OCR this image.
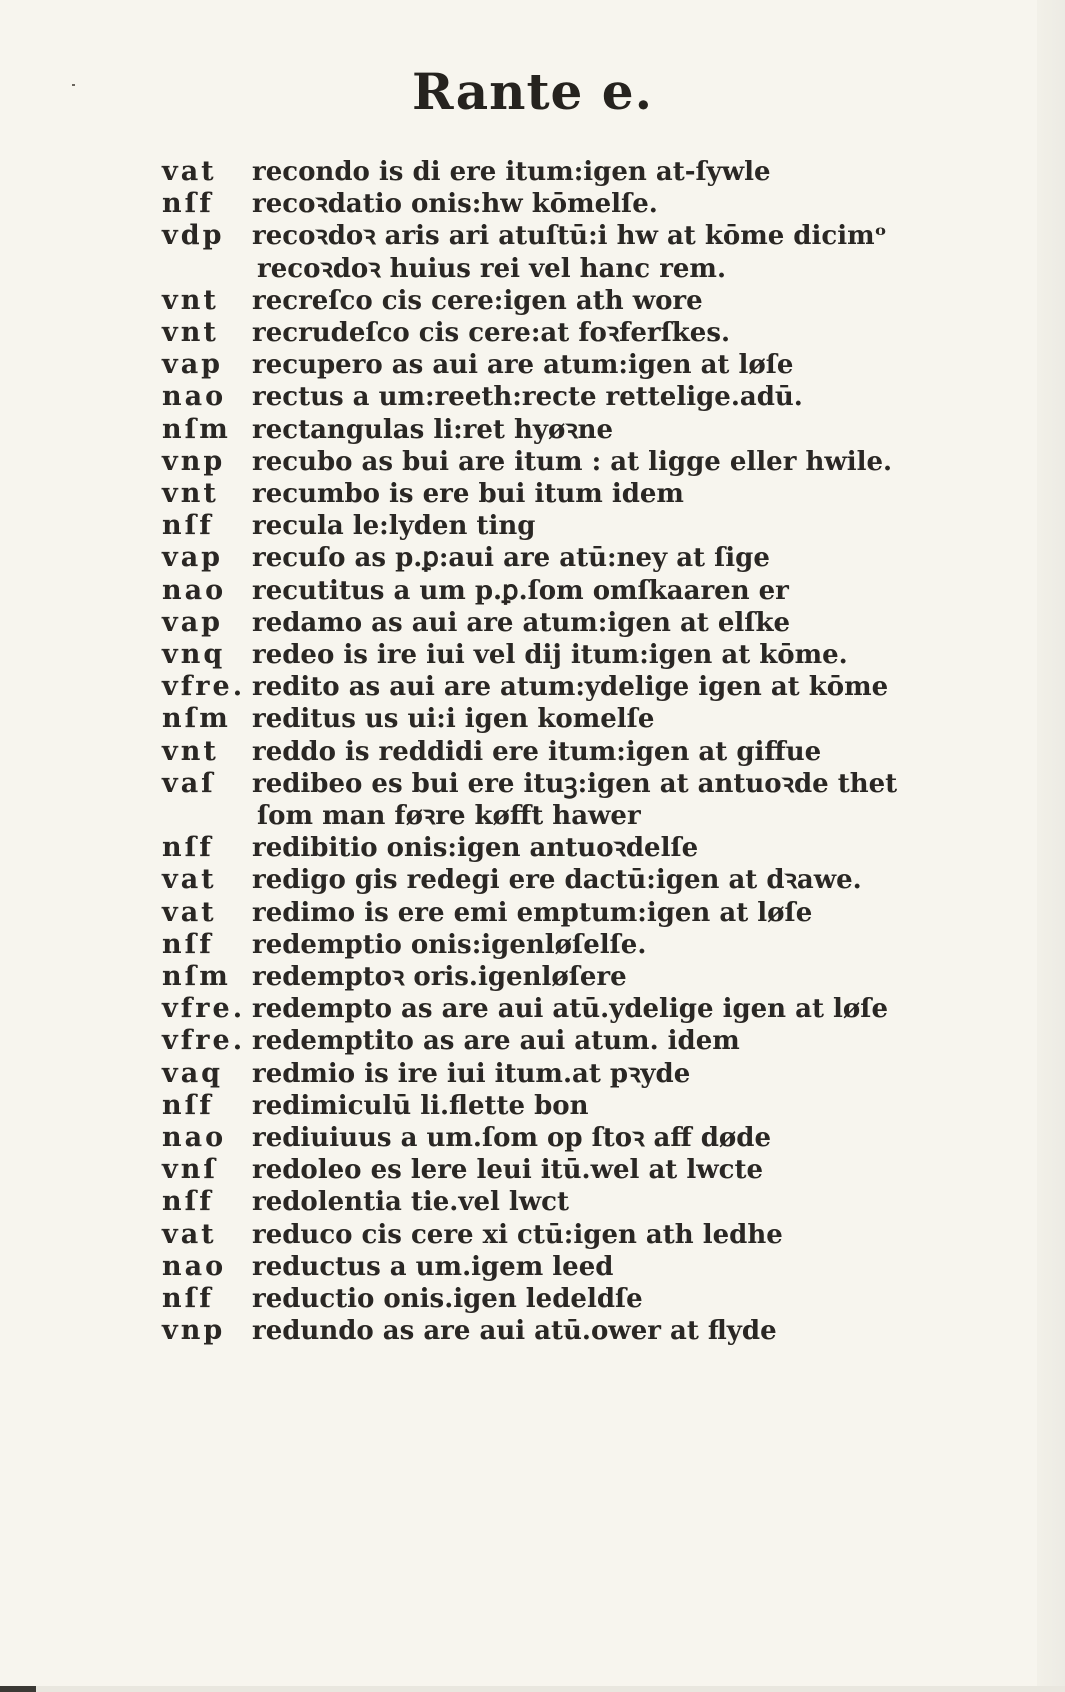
Rante e.
vat recondo is di ere itum:igen at-ſywle
nſf recoꝛdatio onis:hw kōmelſe.
vdp recoꝛdoꝛ aris ari atuſtū:i hw at kōme dicimᵒ
recoꝛdoꝛ huius rei vel hanc rem.
vnt recreſco cis cere:igen ath wore
vnt recrudeſco cis cere:at foꝛferſkes.
vap recupero as aui are atum:igen at løſe
nao rectus a um:reeth:recte rettelige.adū.
nſm rectangulas li:ret hyøꝛne
vnp recubo as bui are itum : at ligge eller hwile.
vnt recumbo is ere bui itum idem
nſf recula le:lyden ting
vap recuſo as p.ꝑ:aui are atū:ney at ſige
nao recutitus a um p.ꝑ.ſom omſkaaren er
vap redamo as aui are atum:igen at elſke
vnq redeo is ire iui vel dij itum:igen at kōme.
vfre. redito as aui are atum:ydelige igen at kōme
nſm reditus us ui:i igen komelſe
vnt reddo is reddidi ere itum:igen at giffue
vaſ redibeo es bui ere ituꝫ:igen at antuoꝛde thet
ſom man føꝛre køfft hawer
nſf redibitio onis:igen antuoꝛdelſe
vat redigo gis redegi ere dactū:igen at dꝛawe.
vat redimo is ere emi emptum:igen at løſe
nſf redemptio onis:igenløſelſe.
nſm redemptoꝛ oris.igenløſere
vfre. redempto as are aui atū.ydelige igen at løſe
vfre. redemptito as are aui atum. idem
vaq redmio is ire iui itum.at pꝛyde
nſf redimiculū li.flette bon
nao rediuiuus a um.ſom op ſtoꝛ aff døde
vnſ redoleo es lere leui itū.wel at lwcte
nſf redolentia tie.vel lwct
vat reduco cis cere xi ctū:igen ath ledhe
nao reductus a um.igem leed
nſf reductio onis.igen ledeldſe
vnp redundo as are aui atū.ower at flyde
